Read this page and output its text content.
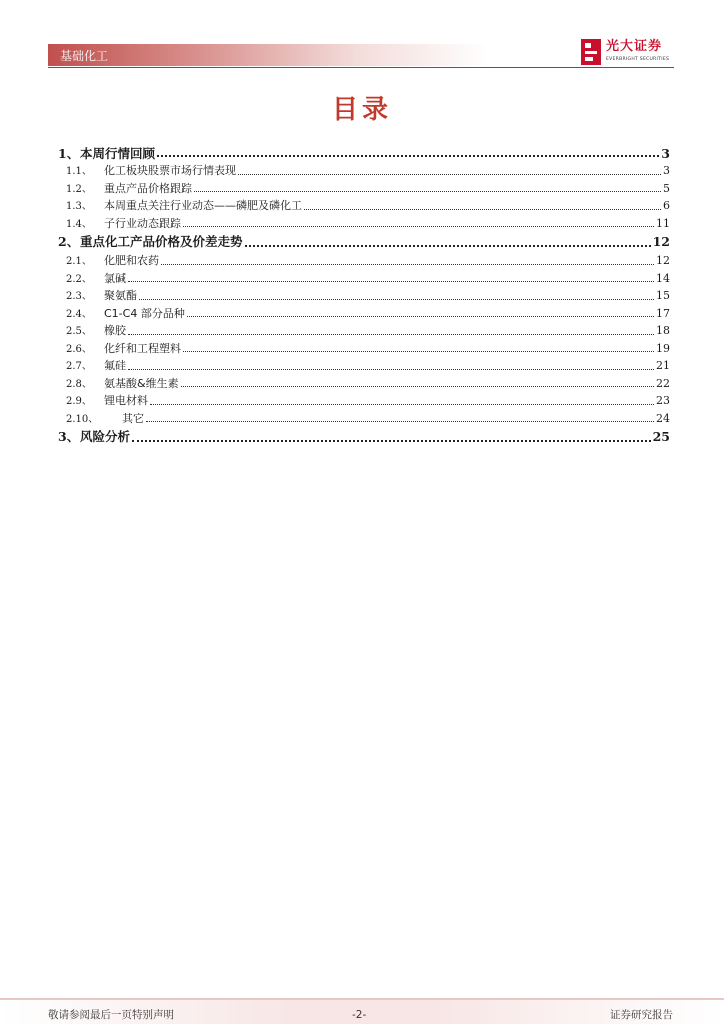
基础化工
光大证券
EVERBRIGHT SECURITIES
目录
1、 本周行情回顾	3
1.1、	化工板块股票市场行情表现	3
1.2、	重点产品价格跟踪	5
1.3、	本周重点关注行业动态——磷肥及磷化工	6
1.4、	子行业动态跟踪	11
2、 重点化工产品价格及价差走势	12
2.1、	化肥和农药	12
2.2、	氯碱	14
2.3、	聚氨酯	15
2.4、	C1-C4 部分品种	17
2.5、	橡胶	18
2.6、	化纤和工程塑料	19
2.7、	氟硅	21
2.8、	氨基酸&维生素	22
2.9、	锂电材料	23
2.10、	其它	24
3、 风险分析	25
敬请参阅最后一页特别声明	-2-	证券研究报告
